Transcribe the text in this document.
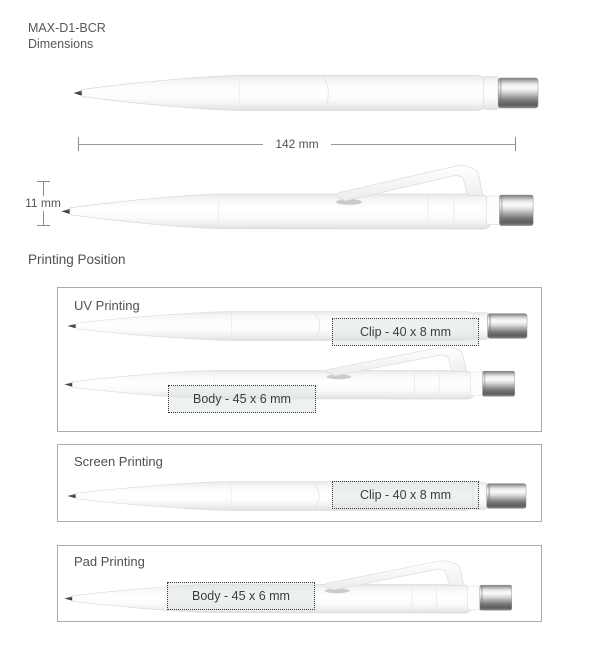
MAX-D1-BCR
Dimensions
142 mm
11 mm
Printing Position
UV Printing
Clip - 40 x 8 mm
Body - 45 x 6 mm
Screen Printing
Clip - 40 x 8 mm
Pad Printing
Body - 45 x 6 mm
